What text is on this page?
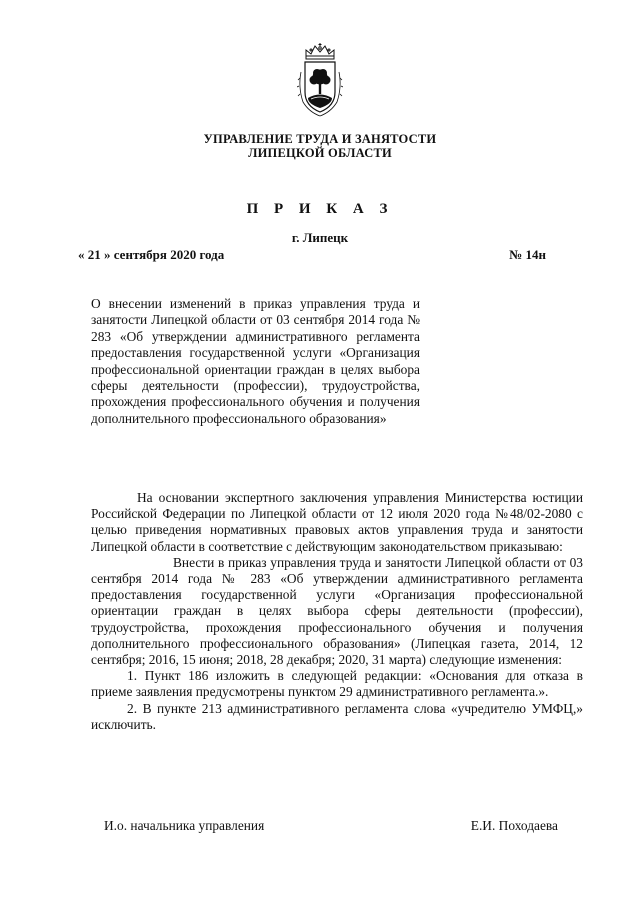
УПРАВЛЕНИЕ ТРУДА И ЗАНЯТОСТИ
ЛИПЕЦКОЙ ОБЛАСТИ
П Р И К А З
г. Липецк
« 21 » сентября 2020 года	№ 14н
О внесении изменений в приказ управления труда и занятости Липецкой области от 03 сентября 2014 года № 283 «Об утверждении административного регламента предоставления государственной услуги «Организация профессиональной ориентации граждан в целях выбора сферы деятельности (профессии), трудоустройства, прохождения профессионального обучения и получения дополнительного профессионального образования»

На основании экспертного заключения управления Министерства юстиции Российской Федерации по Липецкой области от 12 июля 2020 года №48/02-2080 с целью приведения нормативных правовых актов управления труда и занятости Липецкой области в соответствие с действующим законодательством приказываю:

Внести в приказ управления труда и занятости Липецкой области от 03 сентября 2014 года № 283 «Об утверждении административного регламента предоставления государственной услуги «Организация профессиональной ориентации граждан в целях выбора сферы деятельности (профессии), трудоустройства, прохождения профессионального обучения и получения дополнительного профессионального образования» (Липецкая газета, 2014, 12 сентября; 2016, 15 июня; 2018, 28 декабря; 2020, 31 марта) следующие изменения:

1. Пункт 186 изложить в следующей редакции: «Основания для отказа в приеме заявления предусмотрены пунктом 29 административного регламента.».

2. В пункте 213 административного регламента слова «учредителю УМФЦ,» исключить.

И.о. начальника управления	Е.И. Походаева
